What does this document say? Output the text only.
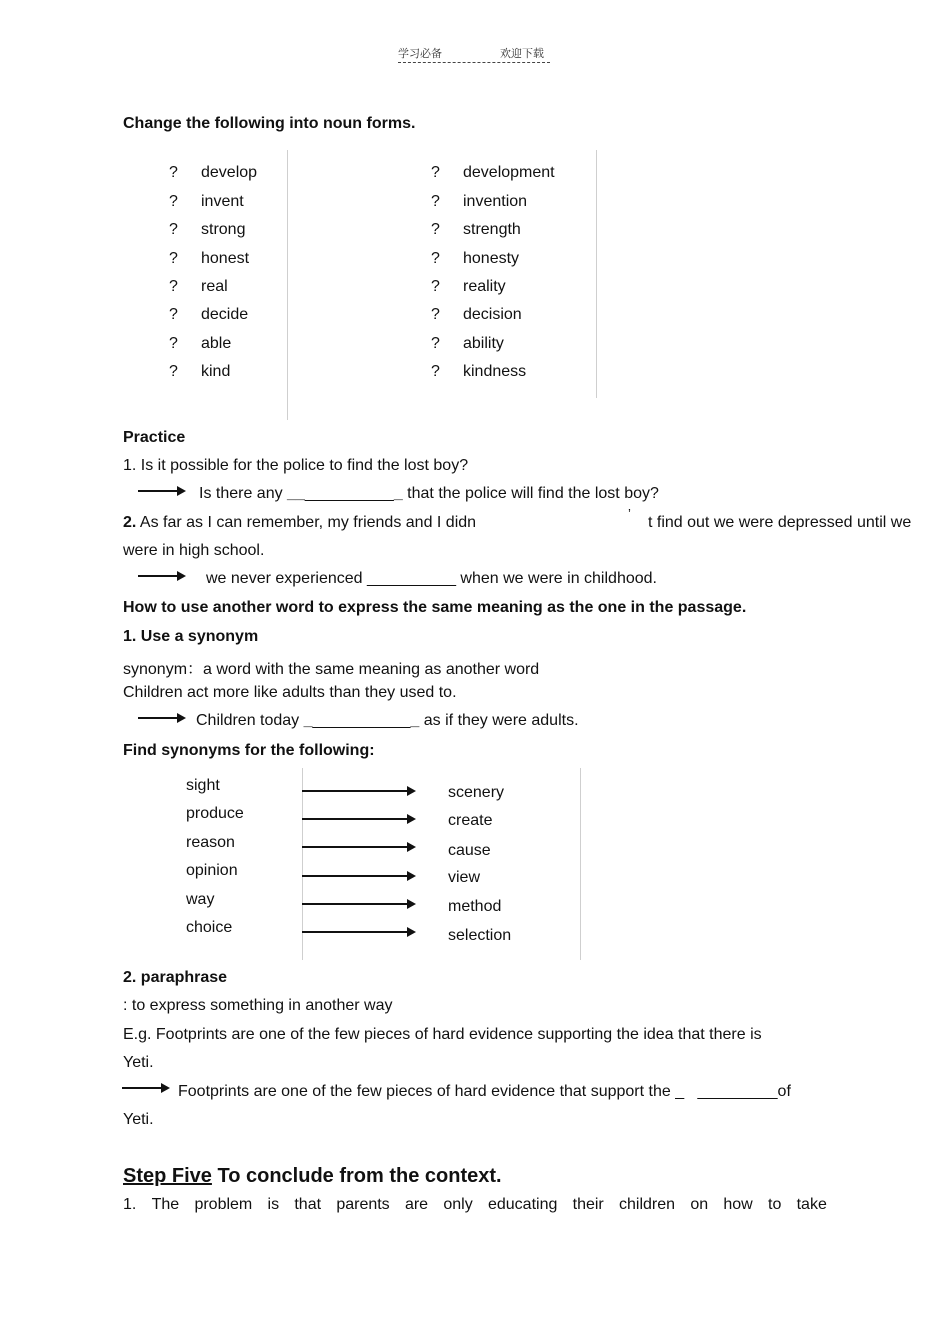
学习必备	欢迎下载
Change the following into noun forms.
? develop
? invent
? strong
? honest
? real
? decide
? able
? kind
? development
? invention
? strength
? honesty
? reality
? decision
? ability
? kindness
Practice
1. Is it possible for the police to find the lost boy?
Is there any _____________ that the police will find the lost boy?
2. As far as I can remember, my friends and I didn
’
t find out we were depressed until we
were in high school.
we never experienced __________ when we were in childhood.
How to use another word to express the same meaning as the one in the passage.
1. Use a synonym
synonym：a word with the same meaning as another word
Children act more like adults than they used to.
Children today _____________ as if they were adults.
Find synonyms for the following:
sight
produce
reason
opinion
way
choice
scenery
create
cause
view
method
selection
2. paraphrase
: to express something in another way
E.g. Footprints are one of the few pieces of hard evidence supporting the idea that there is
Yeti.
Footprints are one of the few pieces of hard evidence that support the _ _________of
Yeti.
Step Five To conclude from the context.
1. The problem is that parents are only educating their children on how to take
